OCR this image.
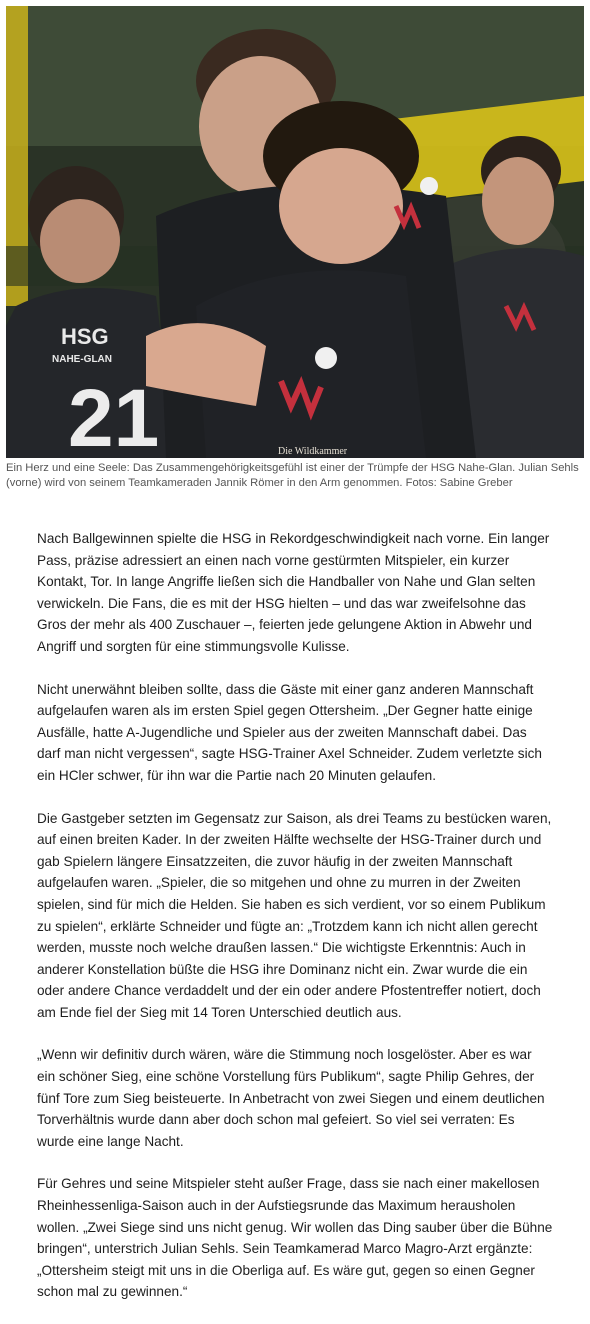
HSG
NAHE-GLAN
21	Die Wildkammer

Ein Herz und eine Seele: Das Zusammengehörigkeitsgefühl ist einer der Trümpfe der HSG Nahe-Glan. Julian Sehls (vorne) wird von seinem Teamkameraden Jannik Römer in den Arm genommen. Fotos: Sabine Greber

Nach Ballgewinnen spielte die HSG in Rekordgeschwindigkeit nach vorne. Ein langer Pass, präzise adressiert an einen nach vorne gestürmten Mitspieler, ein kurzer Kontakt, Tor. In lange Angriffe ließen sich die Handballer von Nahe und Glan selten verwickeln. Die Fans, die es mit der HSG hielten – und das war zweifelsohne das Gros der mehr als 400 Zuschauer –, feierten jede gelungene Aktion in Abwehr und Angriff und sorgten für eine stimmungsvolle Kulisse.

Nicht unerwähnt bleiben sollte, dass die Gäste mit einer ganz anderen Mannschaft aufgelaufen waren als im ersten Spiel gegen Ottersheim. „Der Gegner hatte einige Ausfälle, hatte A-Jugendliche und Spieler aus der zweiten Mannschaft dabei. Das darf man nicht vergessen“, sagte HSG-Trainer Axel Schneider. Zudem verletzte sich ein HCler schwer, für ihn war die Partie nach 20 Minuten gelaufen.

Die Gastgeber setzten im Gegensatz zur Saison, als drei Teams zu bestücken waren, auf einen breiten Kader. In der zweiten Hälfte wechselte der HSG-Trainer durch und gab Spielern längere Einsatzzeiten, die zuvor häufig in der zweiten Mannschaft aufgelaufen waren. „Spieler, die so mitgehen und ohne zu murren in der Zweiten spielen, sind für mich die Helden. Sie haben es sich verdient, vor so einem Publikum zu spielen“, erklärte Schneider und fügte an: „Trotzdem kann ich nicht allen gerecht werden, musste noch welche draußen lassen.“ Die wichtigste Erkenntnis: Auch in anderer Konstellation büßte die HSG ihre Dominanz nicht ein. Zwar wurde die ein oder andere Chance verdaddelt und der ein oder andere Pfostentreffer notiert, doch am Ende fiel der Sieg mit 14 Toren Unterschied deutlich aus.

„Wenn wir definitiv durch wären, wäre die Stimmung noch losgelöster. Aber es war ein schöner Sieg, eine schöne Vorstellung fürs Publikum“, sagte Philip Gehres, der fünf Tore zum Sieg beisteuerte. In Anbetracht von zwei Siegen und einem deutlichen Torverhältnis wurde dann aber doch schon mal gefeiert. So viel sei verraten: Es wurde eine lange Nacht.

Für Gehres und seine Mitspieler steht außer Frage, dass sie nach einer makellosen Rheinhessenliga-Saison auch in der Aufstiegsrunde das Maximum herausholen wollen. „Zwei Siege sind uns nicht genug. Wir wollen das Ding sauber über die Bühne bringen“, unterstrich Julian Sehls. Sein Teamkamerad Marco Magro-Arzt ergänzte: „Ottersheim steigt mit uns in die Oberliga auf. Es wäre gut, gegen so einen Gegner schon mal zu gewinnen.“
